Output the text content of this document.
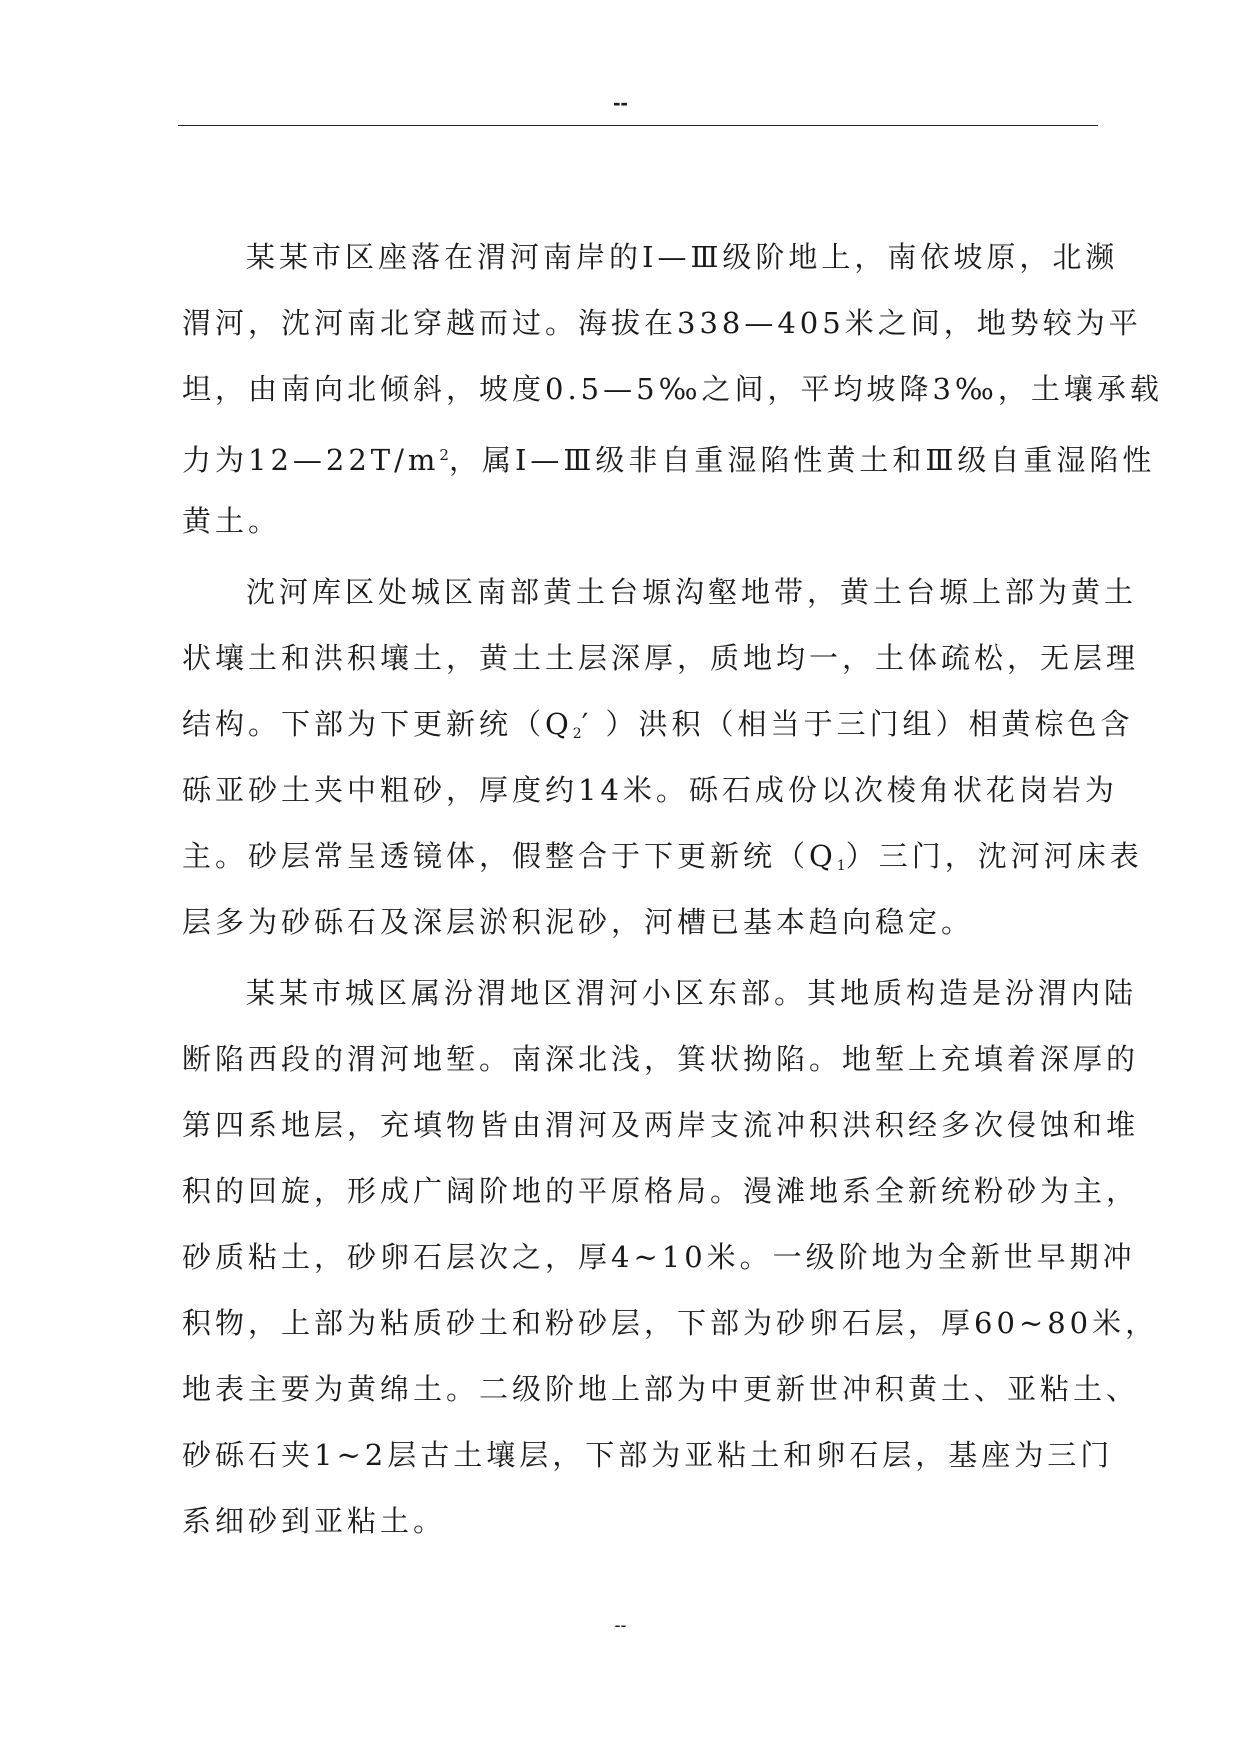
--
某某市区座落在渭河南岸的Ⅰ—Ⅲ级阶地上，南依坡原，北濒
渭河，沈河南北穿越而过。海拔在338—405米之间，地势较为平
坦，由南向北倾斜，坡度0.5—5‰之间，平均坡降3‰，土壤承载
力为$12—22T/m^2$，属Ⅰ—Ⅲ级非自重湿陷性黄土和Ⅲ级自重湿陷性
黄土。
沈河库区处城区南部黄土台塬沟壑地带，黄土台塬上部为黄土
状壤土和洪积壤土，黄土土层深厚，质地均一，土体疏松，无层理
结构。下部为下更新统（$Q_2'$ ）洪积（相当于三门组）相黄棕色含
砾亚砂土夹中粗砂，厚度约14米。砾石成份以次棱角状花岗岩为
主。砂层常呈透镜体，假整合于下更新统$(Q_1)$三门，沈河河床表
层多为砂砾石及深层淤积泥砂，河槽已基本趋向稳定。
某某市城区属汾渭地区渭河小区东部。其地质构造是汾渭内陆
断陷西段的渭河地堑。南深北浅，箕状拗陷。地堑上充填着深厚的
第四系地层，充填物皆由渭河及两岸支流冲积洪积经多次侵蚀和堆
积的回旋，形成广阔阶地的平原格局。漫滩地系全新统粉砂为主，
砂质粘土，砂卵石层次之，厚4~10米。一级阶地为全新世早期冲
积物，上部为粘质砂土和粉砂层，下部为砂卵石层，厚60~80米，
地表主要为黄绵土。二级阶地上部为中更新世冲积黄土、亚粘土、
砂砾石夹1~2层古土壤层，下部为亚粘土和卵石层，基座为三门
系细砂到亚粘土。
--
